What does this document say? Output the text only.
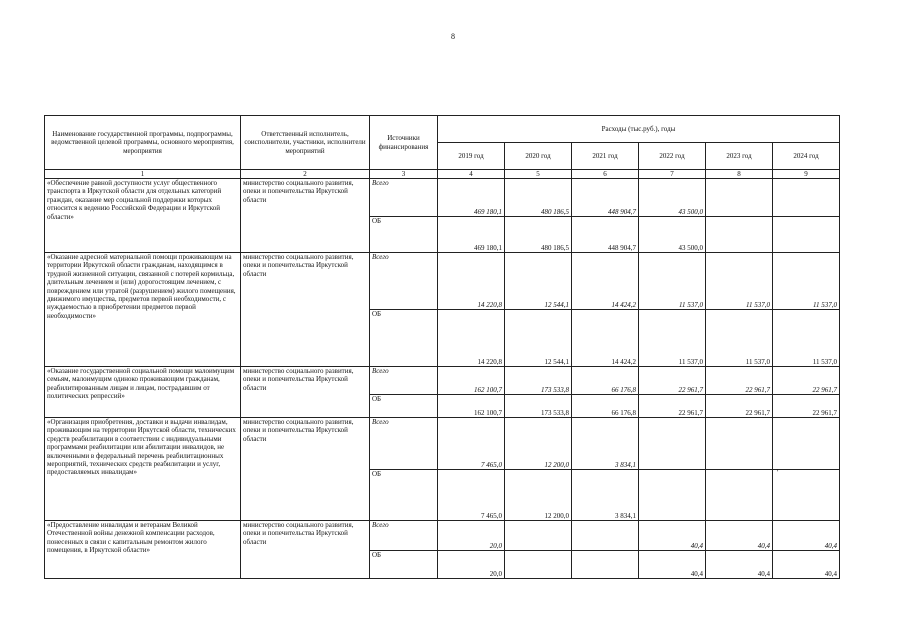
8
Наименование государственной программы, подпрограммы, ведомственной целевой программы, основного мероприятия, мероприятия	Ответственный исполнитель, соисполнители, участники, исполнители мероприятий	Источники финансирования	Расходы (тыс.руб.), годы					
			2019 год	2020 год	2021 год	2022 год	2023 год	2024 год
1	2	3	4	5	6	7	8	9
«Обеспечение равной доступности услуг общественного транспорта в Иркутской области для отдельных категорий граждан, оказание мер социальной поддержки которых относится к ведению Российской Федерации и Иркутской области»	министерство социального развития, опеки и попечительства Иркутской области	Всего	469 180,1	480 186,5	448 904,7	43 500,0		
		ОБ	469 180,1	480 186,5	448 904,7	43 500,0		
«Оказание адресной материальной помощи проживающим на территории Иркутской области гражданам, находящимся в трудной жизненной ситуации, связанной с потерей кормильца, длительным лечением и (или) дорогостоящим лечением, с повреждением или утратой (разрушением) жилого помещения, движимого имущества, предметов первой необходимости, с нуждаемостью в приобретении предметов первой необходимости»	министерство социального развития, опеки и попечительства Иркутской области	Всего	14 220,8	12 544,1	14 424,2	11 537,0	11 537,0	11 537,0
		ОБ	14 220,8	12 544,1	14 424,2	11 537,0	11 537,0	11 537,0
«Оказание государственной социальной помощи малоимущим семьям, малоимущим одиноко проживающим гражданам, реабилитированным лицам и лицам, пострадавшим от политических репрессий»	министерство социального развития, опеки и попечительства Иркутской области	Всего	162 100,7	173 533,8	66 176,8	22 961,7	22 961,7	22 961,7
		ОБ	162 100,7	173 533,8	66 176,8	22 961,7	22 961,7	22 961,7
«Организация приобретения, доставки и выдачи инвалидам, проживающим на территории Иркутской области, технических средств реабилитации в соответствии с индивидуальными программами реабилитации или абилитации инвалидов, не включенными в федеральный перечень реабилитационных мероприятий, технических средств реабилитации и услуг, предоставляемых инвалидам»	министерство социального развития, опеки и попечительства Иркутской области	Всего	7 465,0	12 200,0	3 834,1			
		ОБ	7 465,0	12 200,0	3 834,1			
«Предоставление инвалидам и ветеранам Великой Отечественной войны денежной компенсации расходов, понесенных в связи с капитальным ремонтом жилого помещения, в Иркутской области»	министерство социального развития, опеки и попечительства Иркутской области	Всего	20,0			40,4	40,4	40,4
		ОБ	20,0			40,4	40,4	40,4
'
